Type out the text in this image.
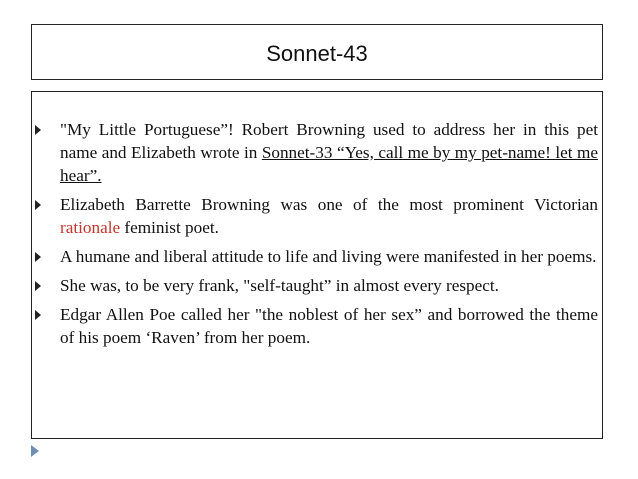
Sonnet-43
"My Little Portuguese”! Robert Browning used to address her in this pet name and Elizabeth wrote in Sonnet-33 “Yes, call me by my pet-name! let me hear”.
Elizabeth Barrette Browning was one of the most prominent Victorian rationale feminist poet.
A humane and liberal attitude to life and living were manifested in her poems.
She was, to be very frank, "self-taught” in almost every respect.
Edgar Allen Poe called her "the noblest of her sex” and borrowed the theme of his poem ‘Raven’ from her poem.
